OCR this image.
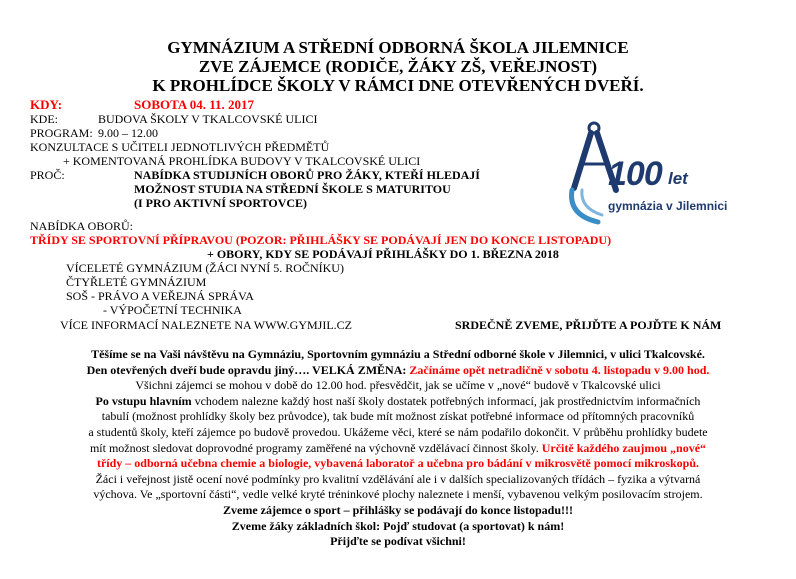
GYMNÁZIUM A STŘEDNÍ ODBORNÁ ŠKOLA JILEMNICE
ZVE ZÁJEMCE (RODIČE, ŽÁKY ZŠ, VEŘEJNOST)
K PROHLÍDCE ŠKOLY V RÁMCI DNE OTEVŘENÝCH DVEŘÍ.
KDY:	SOBOTA 04. 11. 2017
KDE:	BUDOVA ŠKOLY V TKALCOVSKÉ ULICI
PROGRAM: 9.00 – 12.00
KONZULTACE S UČITELI JEDNOTLIVÝCH PŘEDMĚTŮ
+ KOMENTOVANÁ PROHLÍDKA BUDOVY V TKALCOVSKÉ ULICI
PROČ:	NABÍDKA STUDIJNÍCH OBORŮ PRO ŽÁKY, KTEŘÍ HLEDAJÍ
MOŽNOST STUDIA NA STŘEDNÍ ŠKOLE S MATURITOU
(I PRO AKTIVNÍ SPORTOVCE)
NABÍDKA OBORŮ:
TŘÍDY SE SPORTOVNÍ PŘÍPRAVOU (POZOR: PŘIHLÁŠKY SE PODÁVAJÍ JEN DO KONCE LISTOPADU)
+ OBORY, KDY SE PODÁVAJÍ PŘIHLÁŠKY DO 1. BŘEZNA 2018
VÍCELETÉ GYMNÁZIUM (ŽÁCI NYNÍ 5. ROČNÍKU)
ČTYŘLETÉ GYMNÁZIUM
SOŠ - PRÁVO A VEŘEJNÁ SPRÁVA
- VÝPOČETNÍ TECHNIKA
VÍCE INFORMACÍ NALEZNETE NA WWW.GYMJIL.CZ	SRDEČNĚ ZVEME, PŘIJĎTE A POJĎTE K NÁM
100 let
gymnázia v Jilemnici
Těšíme se na Vaši návštěvu na Gymnáziu, Sportovním gymnáziu a Střední odborné škole v Jilemnici, v ulici Tkalcovské.
Den otevřených dveří bude opravdu jiný…. VELKÁ ZMĚNA: Začínáme opět netradičně v sobotu 4. listopadu v 9.00 hod.
Všichni zájemci se mohou v době do 12.00 hod. přesvědčit, jak se učíme v „nové“ budově v Tkalcovské ulici
Po vstupu hlavním vchodem nalezne každý host naší školy dostatek potřebných informací, jak prostřednictvím informačních
tabulí (možnost prohlídky školy bez průvodce), tak bude mít možnost získat potřebné informace od přítomných pracovníků
a studentů školy, kteří zájemce po budově provedou. Ukážeme věci, které se nám podařilo dokončit. V průběhu prohlídky budete
mít možnost sledovat doprovodné programy zaměřené na výchovně vzdělávací činnost školy. Určitě každého zaujmou „nové“
třídy – odborná učebna chemie a biologie, vybavená laboratoř a učebna pro bádání v mikrosvětě pomocí mikroskopů.
Žáci i veřejnost jistě ocení nové podmínky pro kvalitní vzdělávání ale i v dalších specializovaných třídách – fyzika a výtvarná
výchova. Ve „sportovní části“, vedle velké kryté tréninkové plochy naleznete i menší, vybavenou velkým posilovacím strojem.
Zveme zájemce o sport – přihlášky se podávají do konce listopadu!!!
Zveme žáky základních škol: Pojď studovat (a sportovat) k nám!
Přijďte se podívat všichni!
